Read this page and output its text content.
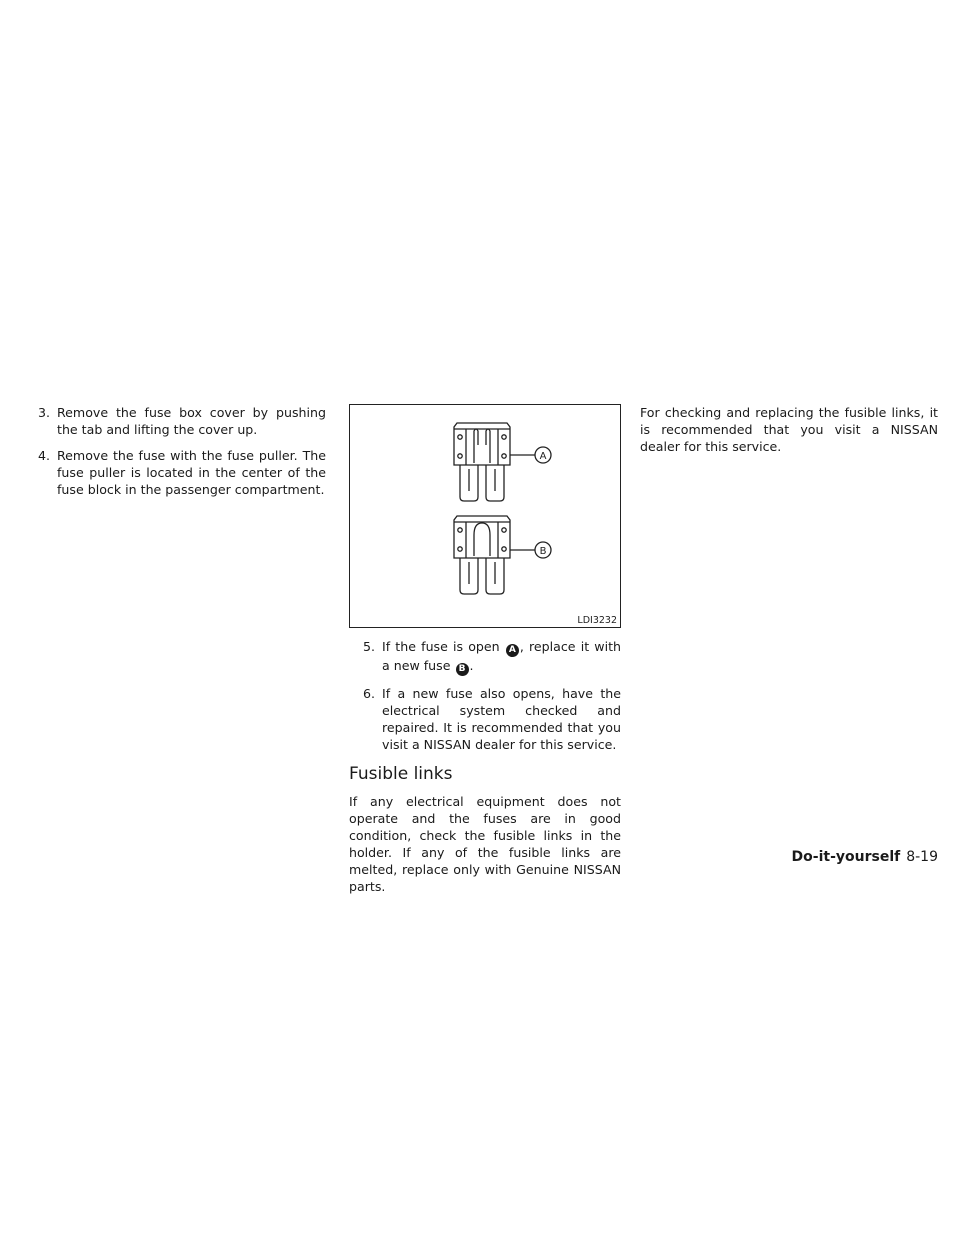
3. Remove the fuse box cover by pushing the tab and lifting the cover up.
4. Remove the fuse with the fuse puller. The fuse puller is located in the center of the fuse block in the passenger compartment.
A
B
LDI3232
5. If the fuse is open A , replace it with a new fuse B .
6. If a new fuse also opens, have the electrical system checked and repaired. It is recommended that you visit a NISSAN dealer for this service.
Fusible links

If any electrical equipment does not operate and the fuses are in good condition, check the fusible links in the holder. If any of the fusible links are melted, replace only with Genuine NISSAN parts.

For checking and replacing the fusible links, it is recommended that you visit a NISSAN dealer for this service.

Do-it-yourself 8-19
